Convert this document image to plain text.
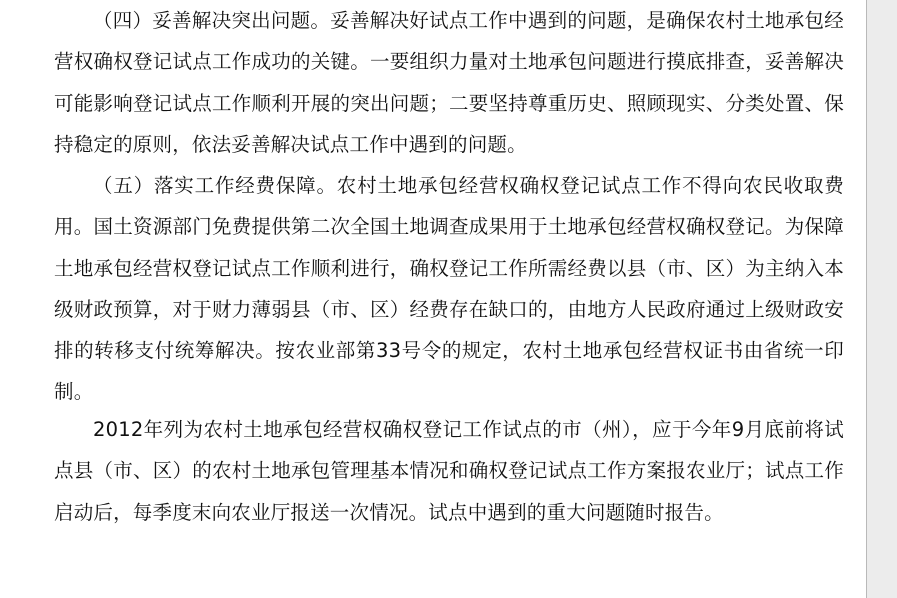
（四）妥善解决突出问题。妥善解决好试点工作中遇到的问题，是确保农村土地承包经营权确权登记试点工作成功的关键。一要组织力量对土地承包问题进行摸底排查，妥善解决可能影响登记试点工作顺利开展的突出问题；二要坚持尊重历史、照顾现实、分类处置、保持稳定的原则，依法妥善解决试点工作中遇到的问题。

（五）落实工作经费保障。农村土地承包经营权确权登记试点工作不得向农民收取费用。国土资源部门免费提供第二次全国土地调查成果用于土地承包经营权确权登记。为保障土地承包经营权登记试点工作顺利进行，确权登记工作所需经费以县（市、区）为主纳入本级财政预算，对于财力薄弱县（市、区）经费存在缺口的，由地方人民政府通过上级财政安排的转移支付统筹解决。按农业部第33号令的规定，农村土地承包经营权证书由省统一印制。

2012年列为农村土地承包经营权确权登记工作试点的市（州），应于今年9月底前将试点县（市、区）的农村土地承包管理基本情况和确权登记试点工作方案报农业厅；试点工作启动后，每季度末向农业厅报送一次情况。试点中遇到的重大问题随时报告。
